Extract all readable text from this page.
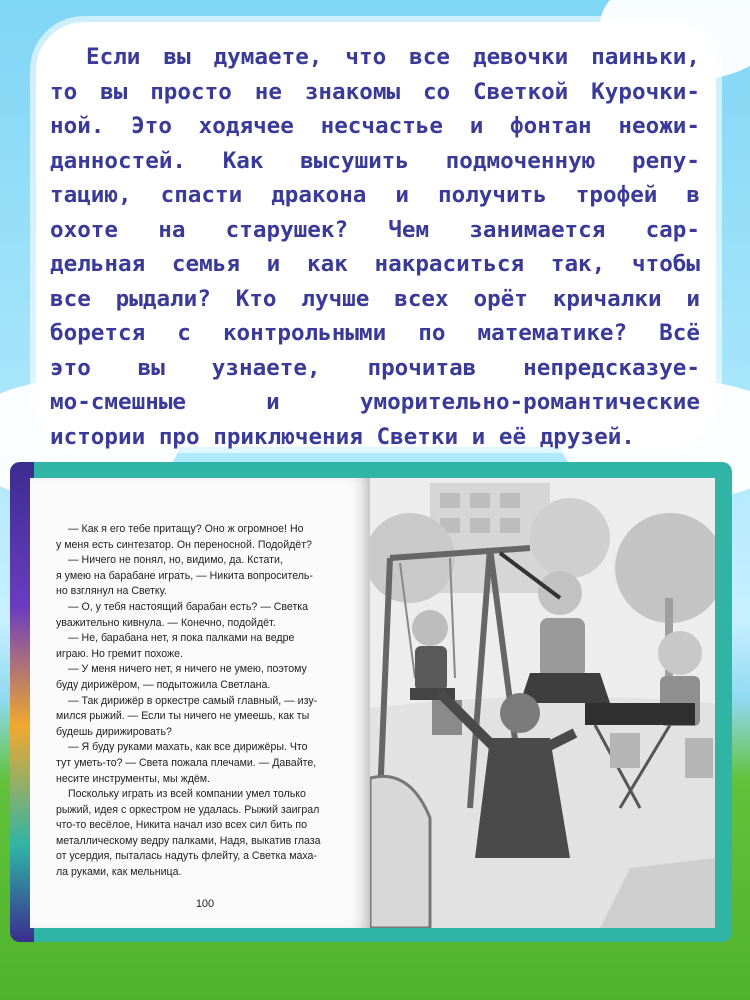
Если вы думаете, что все девочки паиньки,
то вы просто не знакомы со Светкой Курочки-
ной. Это ходячее несчастье и фонтан неожи-
данностей. Как высушить подмоченную репу-
тацию, спасти дракона и получить трофей в
охоте на старушек? Чем занимается сар-
дельная семья и как накраситься так, чтобы
все рыдали? Кто лучше всех орёт кричалки и
борется с контрольными по математике? Всё
это вы узнаете, прочитав непредсказуе-
мо-смешные и уморительно-романтические
истории про приключения Светки и её друзей.
— Как я его тебе притащу? Оно ж огромное! Но
у меня есть синтезатор. Он переносной. Подойдёт?
— Ничего не понял, но, видимо, да. Кстати,
я умею на барабане играть, — Никита вопроситель-
но взглянул на Светку.
— О, у тебя настоящий барабан есть? — Светка
уважительно кивнула. — Конечно, подойдёт.
— Не, барабана нет, я пока палками на ведре
играю. Но гремит похоже.
— У меня ничего нет, я ничего не умею, поэтому
буду дирижёром, — подытожила Светлана.
— Так дирижёр в оркестре самый главный, — изу-
мился рыжий. — Если ты ничего не умеешь, как ты
будешь дирижировать?
— Я буду руками махать, как все дирижёры. Что
тут уметь-то? — Света пожала плечами. — Давайте,
несите инструменты, мы ждём.
Поскольку играть из всей компании умел только
рыжий, идея с оркестром не удалась. Рыжий заиграл
что-то весёлое, Никита начал изо всех сил бить по
металлическому ведру палками, Надя, выкатив глаза
от усердия, пыталась надуть флейту, а Светка маха-
ла руками, как мельница.
100
